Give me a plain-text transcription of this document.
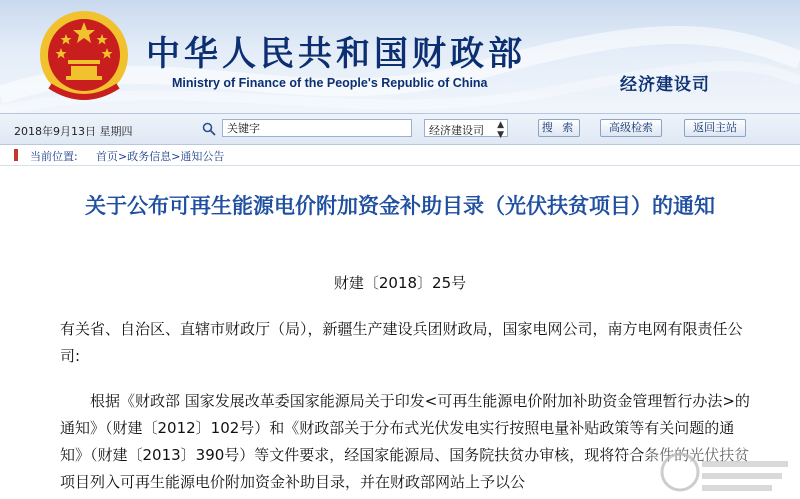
中华人民共和国财政部
Ministry of Finance of the People's Republic of China	经济建设司
2018年9月13日 星期四
关键字	经济建设司 ▲
▼
搜 索	高级检索	返回主站
当前位置: 首页>政务信息>通知公告
关于公布可再生能源电价附加资金补助目录（光伏扶贫项目）的通知
财建〔2018〕25号
有关省、自治区、直辖市财政厅（局），新疆生产建设兵团财政局，国家电网公司，南方电网有限责任公司:
根据《财政部 国家发展改革委国家能源局关于印发<可再生能源电价附加补助资金管理暂行办法>的通知》（财建〔2012〕102号）和《财政部关于分布式光伏发电实行按照电量补贴政策等有关问题的通知》（财建〔2013〕390号）等文件要求，经国家能源局、国务院扶贫办审核，现将符合条件的光伏扶贫项目列入可再生能源电价附加资金补助目录，并在财政部网站上予以公
